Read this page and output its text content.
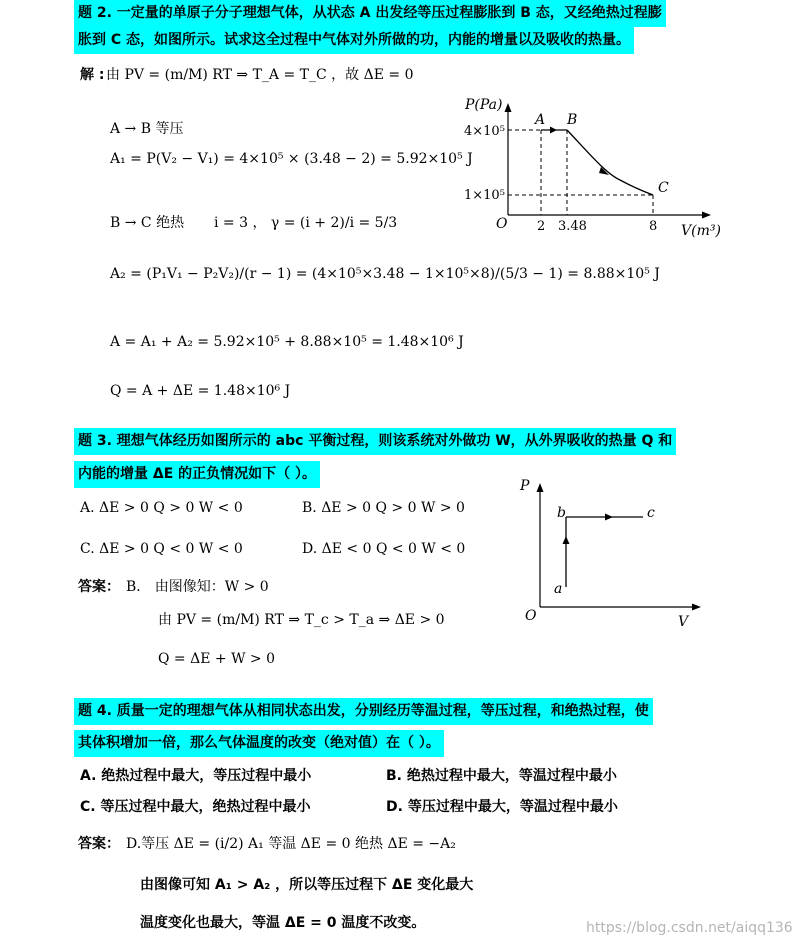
题 2. 一定量的单原子分子理想气体，从状态 A 出发经等压过程膨胀到 B 态，又经绝热过程膨
胀到 C 态，如图所示。试求这全过程中气体对外所做的功，内能的增量以及吸收的热量。
解 : 由 PV = (m/M) RT ⇒ T_A = T_C ，故 ΔE = 0
A → B 等压
A₁ = P(V₂ − V₁) = 4×10⁵ × (3.48 − 2) = 5.92×10⁵ J
B → C 绝热 i = 3 ， γ = (i + 2)/i = 5/3
A₂ = (P₁V₁ − P₂V₂)/(r − 1) = (4×10⁵×3.48 − 1×10⁵×8)/(5/3 − 1) = 8.88×10⁵ J
A = A₁ + A₂ = 5.92×10⁵ + 8.88×10⁵ = 1.48×10⁶ J
Q = A + ΔE = 1.48×10⁶ J
P(Pa)
V(m³)
O
4×10⁵
1×10⁵
2 3.48	8
A B
C
题 3. 理想气体经历如图所示的 abc 平衡过程，则该系统对外做功 W，从外界吸收的热量 Q 和
内能的增量 ΔE 的正负情况如下（ ）。
A. ΔE > 0 Q > 0 W < 0	B. ΔE > 0 Q > 0 W > 0
C. ΔE > 0 Q < 0 W < 0	D. ΔE < 0 Q < 0 W < 0
答案： B． 由图像知：W > 0
由 PV = (m/M) RT ⇒ T_c > T_a ⇒ ΔE > 0
Q = ΔE + W > 0
P
V
O
a
b	c
题 4. 质量一定的理想气体从相同状态出发，分别经历等温过程，等压过程，和绝热过程，使
其体积增加一倍，那么气体温度的改变（绝对值）在（ ）。
A. 绝热过程中最大，等压过程中最小	B. 绝热过程中最大，等温过程中最小
C. 等压过程中最大，绝热过程中最小	D. 等压过程中最大，等温过程中最小
答案： D.等压 ΔE = (i/2) A₁ 等温 ΔE = 0 绝热 ΔE = −A₂
由图像可知 A₁ > A₂ ，所以等压过程下 ΔE 变化最大
温度变化也最大，等温 ΔE = 0 温度不改变。	https://blog.csdn.net/aiqq136
